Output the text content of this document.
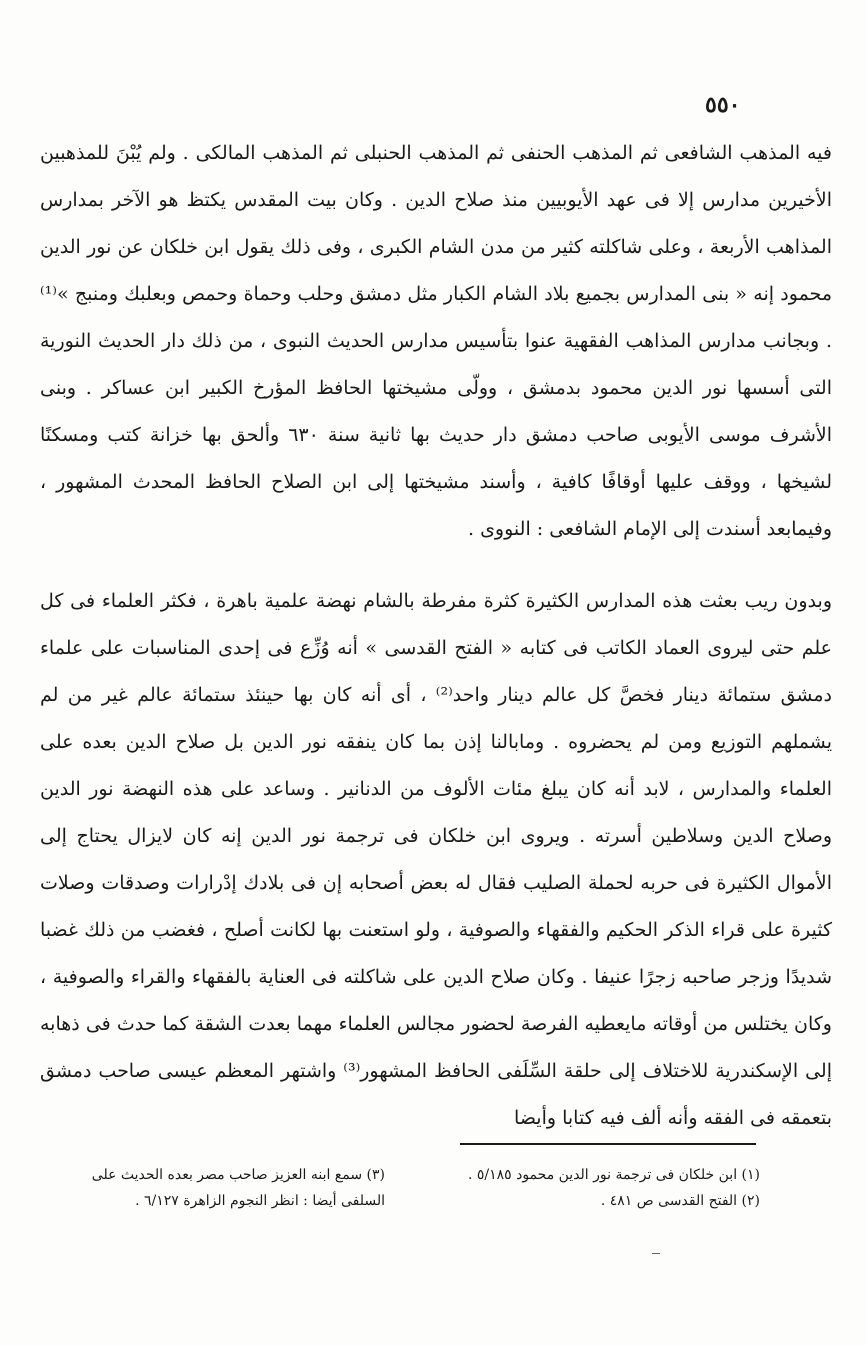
٥٥٠

فيه المذهب الشافعى ثم المذهب الحنفى ثم المذهب الحنبلى ثم المذهب المالكى . ولم يُبْنَ للمذهبين الأخيرين مدارس إلا فى عهد الأيوبيين منذ صلاح الدين . وكان بيت المقدس يكتظ هو الآخر بمدارس المذاهب الأربعة ، وعلى شاكلته كثير من مدن الشام الكبرى ، وفى ذلك يقول ابن خلكان عن نور الدين محمود إنه « بنى المدارس بجميع بلاد الشام الكبار مثل دمشق وحلب وحماة وحمص وبعلبك ومنبج »⁽¹⁾ . وبجانب مدارس المذاهب الفقهية عنوا بتأسيس مدارس الحديث النبوى ، من ذلك دار الحديث النورية التى أسسها نور الدين محمود بدمشق ، وولّى مشيختها الحافظ المؤرخ الكبير ابن عساكر . وبنى الأشرف موسى الأيوبى صاحب دمشق دار حديث بها ثانية سنة ٦٣٠ وألحق بها خزانة كتب ومسكنًا لشيخها ، ووقف عليها أوقافًا كافية ، وأسند مشيختها إلى ابن الصلاح الحافظ المحدث المشهور ، وفيمابعد أسندت إلى الإمام الشافعى : النووى .

وبدون ريب بعثت هذه المدارس الكثيرة كثرة مفرطة بالشام نهضة علمية باهرة ، فكثر العلماء فى كل علم حتى ليروى العماد الكاتب فى كتابه « الفتح القدسى » أنه وُزِّع فى إحدى المناسبات على علماء دمشق ستمائة دينار فخصَّ كل عالم دينار واحد⁽²⁾ ، أى أنه كان بها حينئذ ستمائة عالم غير من لم يشملهم التوزيع ومن لم يحضروه . ومابالنا إذن بما كان ينفقه نور الدين بل صلاح الدين بعده على العلماء والمدارس ، لابد أنه كان يبلغ مئات الألوف من الدنانير . وساعد على هذه النهضة نور الدين وصلاح الدين وسلاطين أسرته . ويروى ابن خلكان فى ترجمة نور الدين إنه كان لايزال يحتاج إلى الأموال الكثيرة فى حربه لحملة الصليب فقال له بعض أصحابه إن فى بلادك إدْرارات وصدقات وصلات كثيرة على قراء الذكر الحكيم والفقهاء والصوفية ، ولو استعنت بها لكانت أصلح ، فغضب من ذلك غضبا شديدًا وزجر صاحبه زجرًا عنيفا . وكان صلاح الدين على شاكلته فى العناية بالفقهاء والقراء والصوفية ، وكان يختلس من أوقاته مايعطيه الفرصة لحضور مجالس العلماء مهما بعدت الشقة كما حدث فى ذهابه إلى الإسكندرية للاختلاف إلى حلقة السِّلَفى الحافظ المشهور⁽³⁾ واشتهر المعظم عيسى صاحب دمشق بتعمقه فى الفقه وأنه ألف فيه كتابا وأيضا

(١) ابن خلكان فى ترجمة نور الدين محمود ٥/١٨٥ .

(٢) الفتح القدسى ص ٤٨١ .

(٣) سمع ابنه العزيز صاحب مصر بعده الحديث على

السلفى أيضا : انظر النجوم الزاهرة ٦/١٢٧ .
